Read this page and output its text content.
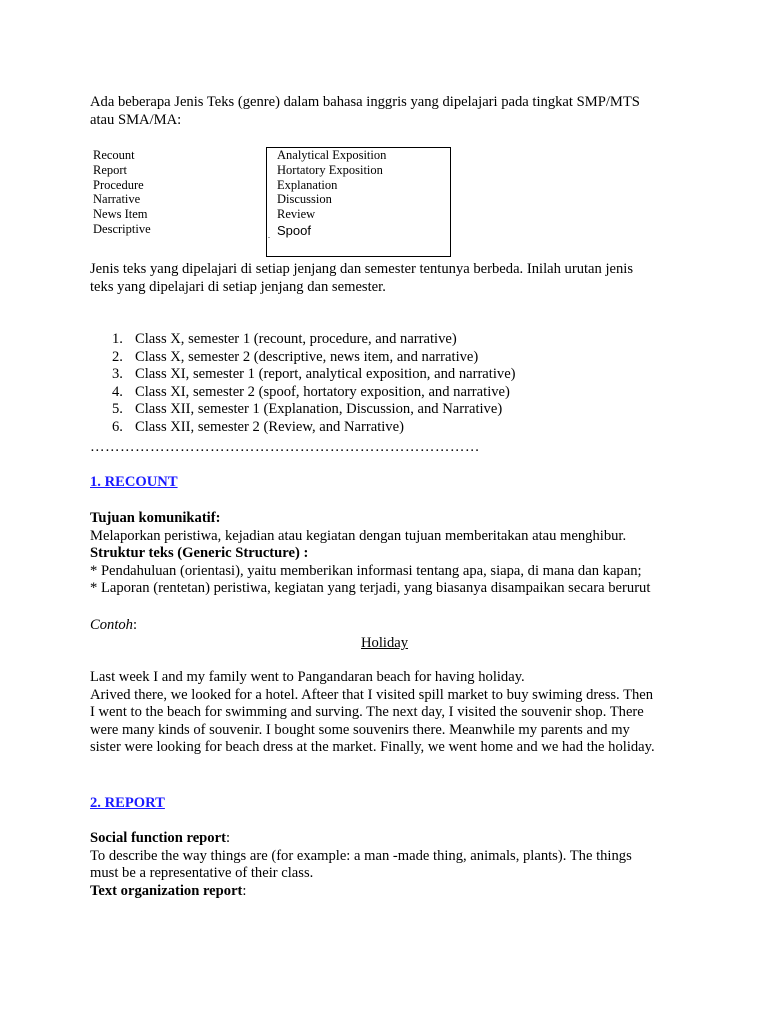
Ada beberapa Jenis Teks (genre) dalam bahasa inggris yang dipelajari pada tingkat SMP/MTS

atau SMA/MA:

Recount
Report
Procedure
Narrative
News Item
Descriptive	.
Analytical Exposition
Hortatory Exposition
Explanation
Discussion
Review
Spoof

Jenis teks yang dipelajari di setiap jenjang dan semester tentunya berbeda. Inilah urutan jenis

teks yang dipelajari di setiap jenjang dan semester.

1. Class X, semester 1 (recount, procedure, and narrative)
2. Class X, semester 2 (descriptive, news item, and narrative)
3. Class XI, semester 1 (report, analytical exposition, and narrative)
4. Class XI, semester 2 (spoof, hortatory exposition, and narrative)
5. Class XII, semester 1 (Explanation, Discussion, and Narrative)
6. Class XII, semester 2 (Review, and Narrative)
……………………………………………………………………
1. RECOUNT

Tujuan komunikatif:

Melaporkan peristiwa, kejadian atau kegiatan dengan tujuan memberitakan atau menghibur.

Struktur teks (Generic Structure) :

* Pendahuluan (orientasi), yaitu memberikan informasi tentang apa, siapa, di mana dan kapan;

* Laporan (rentetan) peristiwa, kegiatan yang terjadi, yang biasanya disampaikan secara berurut

Contoh:
Holiday

Last week I and my family went to Pangandaran beach for having holiday.

Arived there, we looked for a hotel. Afteer that I visited spill market to buy swiming dress. Then

I went to the beach for swimming and surving. The next day, I visited the souvenir shop. There

were many kinds of souvenir. I bought some souvenirs there. Meanwhile my parents and my

sister were looking for beach dress at the market. Finally, we went home and we had the holiday.

2. REPORT

Social function report:

To describe the way things are (for example: a man -made thing, animals, plants). The things

must be a representative of their class.

Text organization report:
